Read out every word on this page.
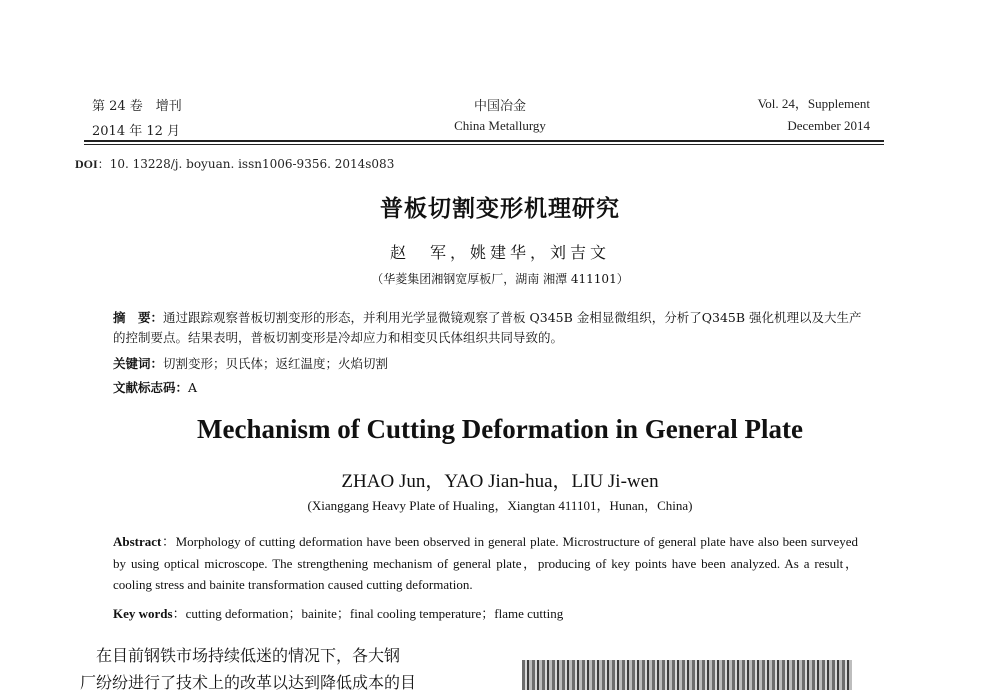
第 24 卷　增刊
2014 年 12 月
中国冶金
China Metallurgy
Vol. 24，Supplement
December 2014
DOI：10. 13228/j. boyuan. issn1006-9356. 2014s083
普板切割变形机理研究
赵　军，姚建华，刘吉文
（华菱集团湘钢宽厚板厂，湖南 湘潭 411101）
摘　要：通过跟踪观察普板切割变形的形态，并利用光学显微镜观察了普板 Q345B 金相显微组织，分析了Q345B 强化机理以及大生产的控制要点。结果表明，普板切割变形是冷却应力和相变贝氏体组织共同导致的。
关键词：切割变形；贝氏体；返红温度；火焰切割
文献标志码：A
Mechanism of Cutting Deformation in General Plate
ZHAO Jun，YAO Jian-hua，LIU Ji-wen
(Xianggang Heavy Plate of Hualing，Xiangtan 411101，Hunan，China)
Abstract：Morphology of cutting deformation have been observed in general plate. Microstructure of general plate have also been surveyed by using optical microscope. The strengthening mechanism of general plate，producing of key points have been analyzed. As a result，cooling stress and bainite transformation caused cutting deformation.
Key words：cutting deformation；bainite；final cooling temperature；flame cutting
　在目前钢铁市场持续低迷的情况下，各大钢
厂纷纷进行了技术上的改革以达到降低成本的目
